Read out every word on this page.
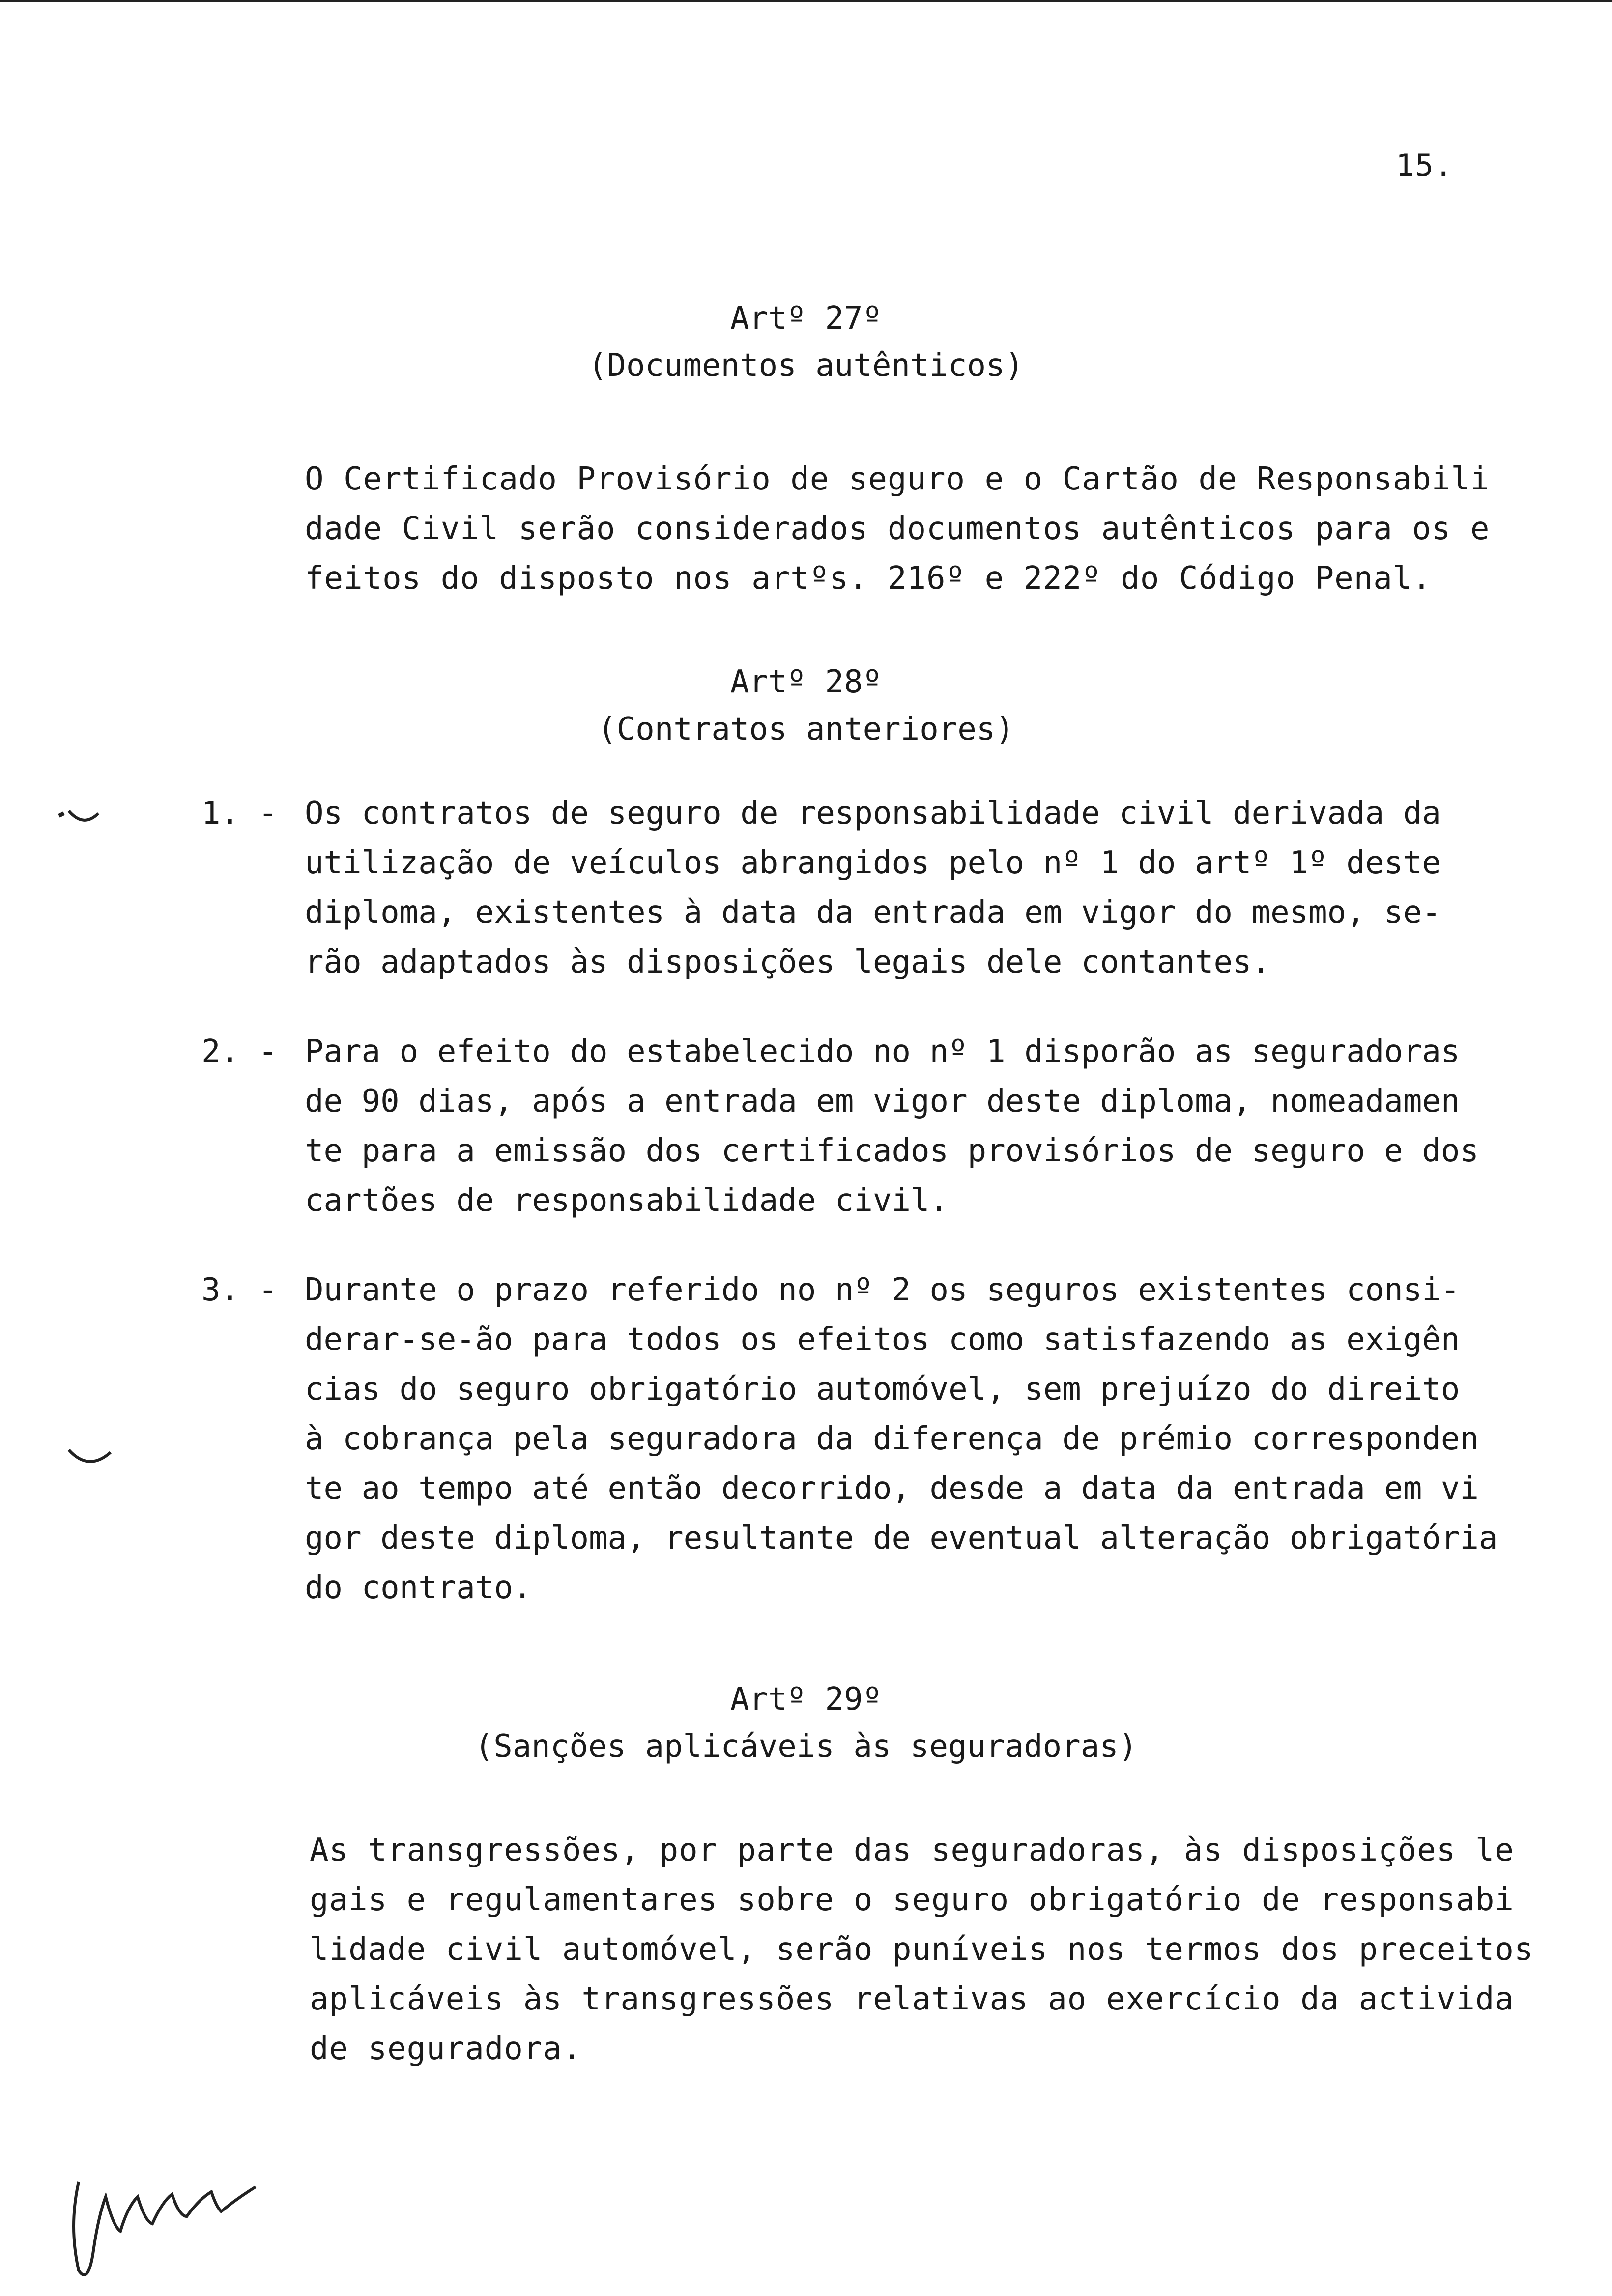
15.
Artº 27º
(Documentos autênticos)
O Certificado Provisório de seguro e o Cartão de Responsabili
dade Civil serão considerados documentos autênticos para os e
feitos do disposto nos artºs. 216º e 222º do Código Penal.
Artº 28º
(Contratos anteriores)
1. - Os contratos de seguro de responsabilidade civil derivada da
utilização de veículos abrangidos pelo nº 1 do artº 1º deste
diploma, existentes à data da entrada em vigor do mesmo, se-
rão adaptados às disposições legais dele contantes.
2. - Para o efeito do estabelecido no nº 1 disporão as seguradoras
de 90 dias, após a entrada em vigor deste diploma, nomeadamen
te para a emissão dos certificados provisórios de seguro e dos
cartões de responsabilidade civil.
3. - Durante o prazo referido no nº 2 os seguros existentes consi-
derar-se-ão para todos os efeitos como satisfazendo as exigên
cias do seguro obrigatório automóvel, sem prejuízo do direito
à cobrança pela seguradora da diferença de prémio corresponden
te ao tempo até então decorrido, desde a data da entrada em vi
gor deste diploma, resultante de eventual alteração obrigatória
do contrato.
Artº 29º
(Sanções aplicáveis às seguradoras)
As transgressões, por parte das seguradoras, às disposições le
gais e regulamentares sobre o seguro obrigatório de responsabi
lidade civil automóvel, serão puníveis nos termos dos preceitos
aplicáveis às transgressões relativas ao exercício da activida
de seguradora.
